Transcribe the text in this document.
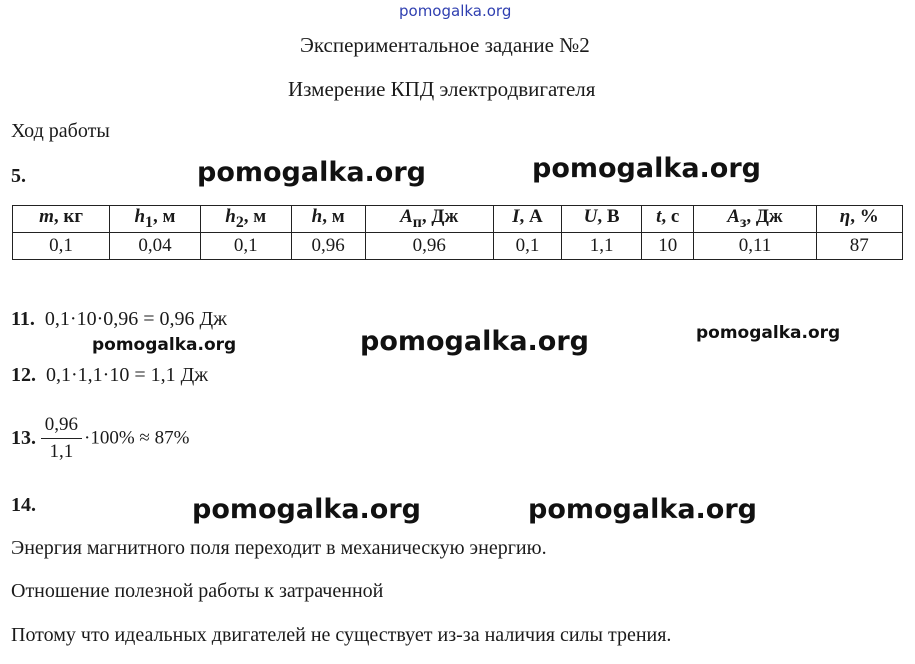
pomogalka.org
Экспериментальное задание №2
Измерение КПД электродвигателя
Ход работы
5.	pomogalka.org	pomogalka.org
m, кг	$h_1$, м	$h_2$, м	h, м	$A_п$, Дж	I, А	U, В	t, с	$A_з$, Дж	η, %
0,1	0,04	0,1	0,96	0,96	0,1	1,1	10	0,11	87
11. 0,1·10·0,96 = 0,96 Дж
pomogalka.org	pomogalka.org	pomogalka.org
12. 0,1·1,1·10 = 1,1 Дж
13. $\frac{0,96}{1,1} \cdot 100\% \approx 87\%$
14.	pomogalka.org	pomogalka.org
Энергия магнитного поля переходит в механическую энергию.
Отношение полезной работы к затраченной
Потому что идеальных двигателей не существует из-за наличия силы трения.
